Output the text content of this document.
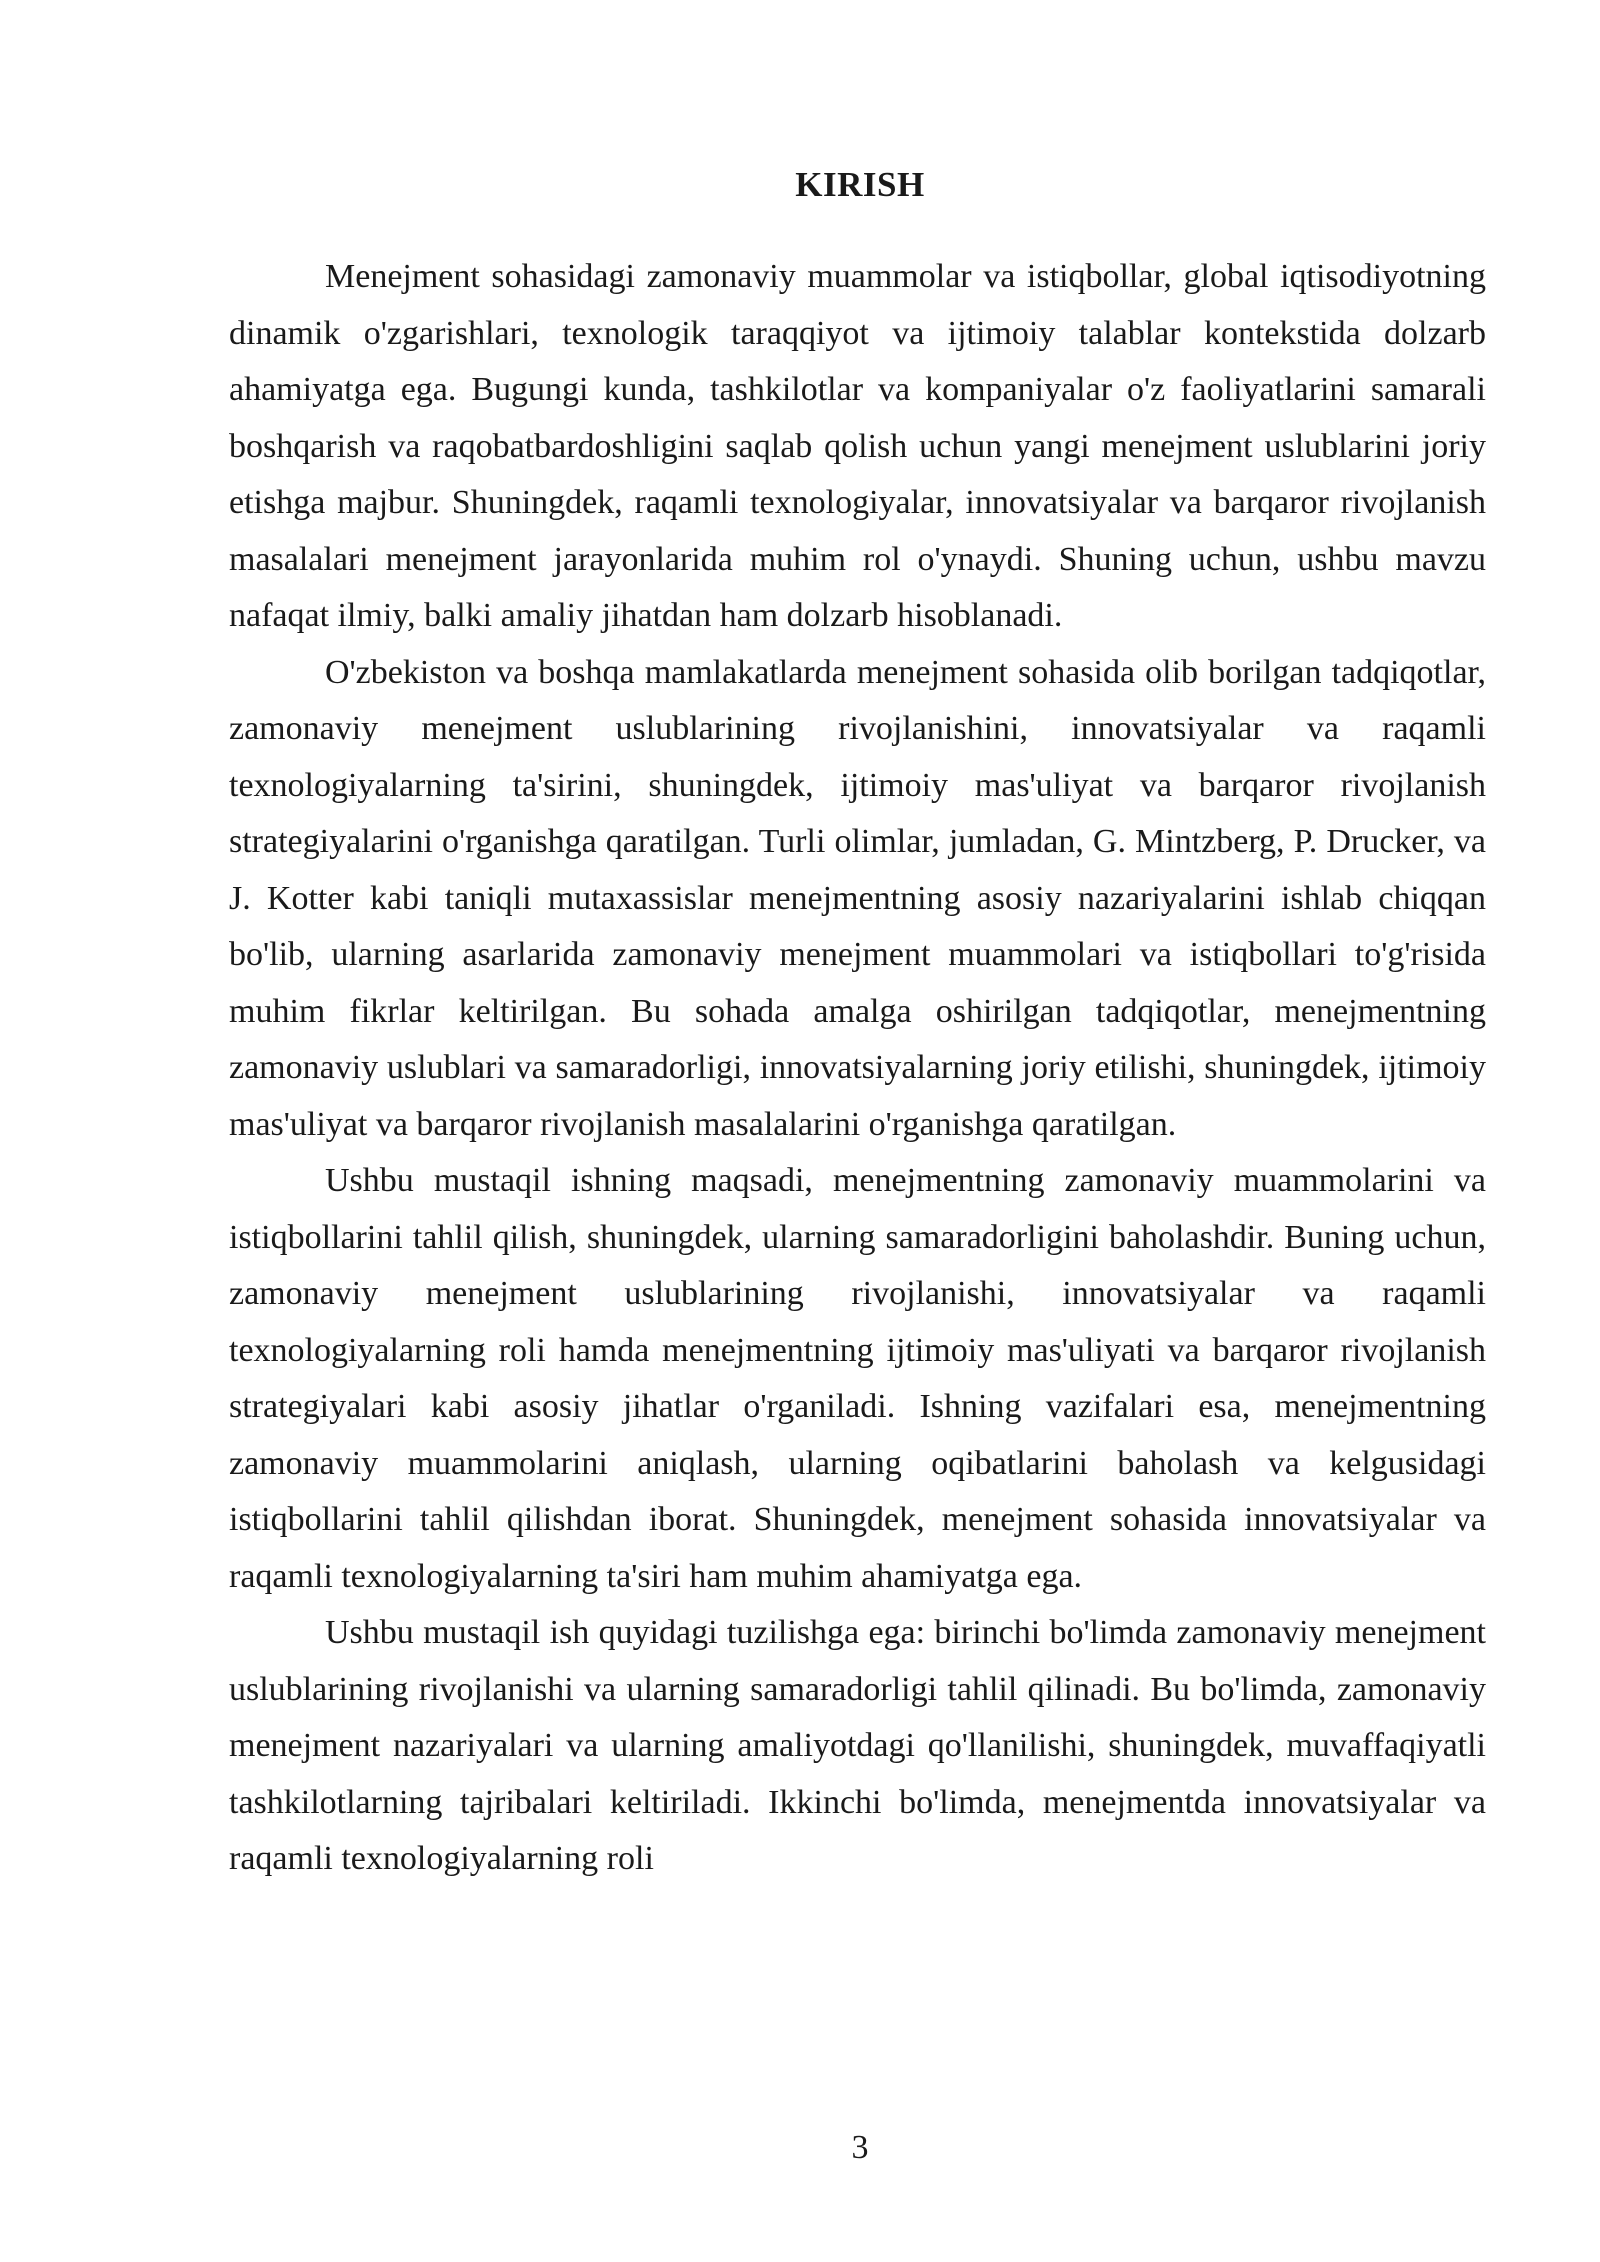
KIRISH

Menejment sohasidagi zamonaviy muammolar va istiqbollar, global iqtisodiyotning dinamik o'zgarishlari, texnologik taraqqiyot va ijtimoiy talablar kontekstida dolzarb ahamiyatga ega. Bugungi kunda, tashkilotlar va kompaniyalar o'z faoliyatlarini samarali boshqarish va raqobatbardoshligini saqlab qolish uchun yangi menejment uslublarini joriy etishga majbur. Shuningdek, raqamli texnologiyalar, innovatsiyalar va barqaror rivojlanish masalalari menejment jarayonlarida muhim rol o'ynaydi. Shuning uchun, ushbu mavzu nafaqat ilmiy, balki amaliy jihatdan ham dolzarb hisoblanadi.

O'zbekiston va boshqa mamlakatlarda menejment sohasida olib borilgan tadqiqotlar, zamonaviy menejment uslublarining rivojlanishini, innovatsiyalar va raqamli texnologiyalarning ta'sirini, shuningdek, ijtimoiy mas'uliyat va barqaror rivojlanish strategiyalarini o'rganishga qaratilgan. Turli olimlar, jumladan, G. Mintzberg, P. Drucker, va J. Kotter kabi taniqli mutaxassislar menejmentning asosiy nazariyalarini ishlab chiqqan bo'lib, ularning asarlarida zamonaviy menejment muammolari va istiqbollari to'g'risida muhim fikrlar keltirilgan. Bu sohada amalga oshirilgan tadqiqotlar, menejmentning zamonaviy uslublari va samaradorligi, innovatsiyalarning joriy etilishi, shuningdek, ijtimoiy mas'uliyat va barqaror rivojlanish masalalarini o'rganishga qaratilgan.

Ushbu mustaqil ishning maqsadi, menejmentning zamonaviy muammolarini va istiqbollarini tahlil qilish, shuningdek, ularning samaradorligini baholashdir. Buning uchun, zamonaviy menejment uslublarining rivojlanishi, innovatsiyalar va raqamli texnologiyalarning roli hamda menejmentning ijtimoiy mas'uliyati va barqaror rivojlanish strategiyalari kabi asosiy jihatlar o'rganiladi. Ishning vazifalari esa, menejmentning zamonaviy muammolarini aniqlash, ularning oqibatlarini baholash va kelgusidagi istiqbollarini tahlil qilishdan iborat. Shuningdek, menejment sohasida innovatsiyalar va raqamli texnologiyalarning ta'siri ham muhim ahamiyatga ega.

Ushbu mustaqil ish quyidagi tuzilishga ega: birinchi bo'limda zamonaviy menejment uslublarining rivojlanishi va ularning samaradorligi tahlil qilinadi. Bu bo'limda, zamonaviy menejment nazariyalari va ularning amaliyotdagi qo'llanilishi, shuningdek, muvaffaqiyatli tashkilotlarning tajribalari keltiriladi. Ikkinchi bo'limda, menejmentda innovatsiyalar va raqamli texnologiyalarning roli

3
